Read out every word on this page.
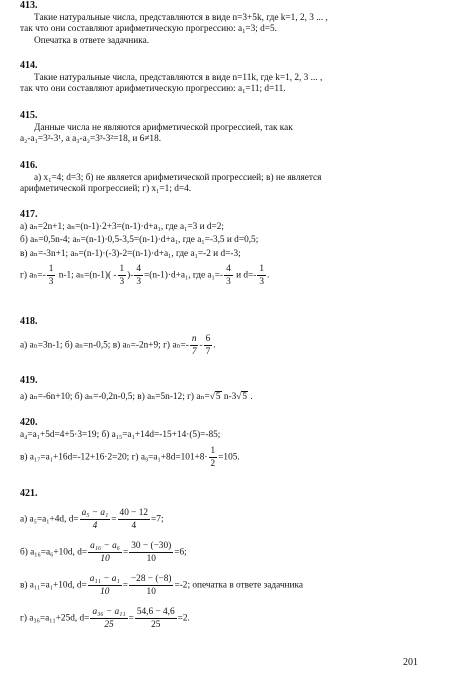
413.
Такие натуральные числа, представляются в виде n=3+5k, где k=1, 2, 3 ... ,
так что они составляют арифметическую прогрессию: $a_1=3$; d=5.
Опечатка в ответе задачника.
414.
Такие натуральные числа, представляются в виде n=11k, где k=1, 2, 3 ... ,
так что они составляют арифметическую прогрессию: $a_1=11$; d=11.
415.
Данные числа не являются арифметической прогрессией, так как
a₂-a₁=3²-3¹, а a₃-a₂=3³-3²=18, и 6≠18.
416.
а) x₁=4; d=3; б) не является арифметической прогрессией; в) не является
арифметической прогрессией; г) x₁=1; d=4.
417.
а) aₙ=2n+1; aₙ=(n-1)·2+3=(n-1)·d+a₁, где a₁=3 и d=2;
б) aₙ=0,5n-4; aₙ=(n-1)·0,5-3,5=(n-1)·d+a₁, где a₁=-3,5 и d=0,5;
в) aₙ=-3n+1; aₙ=(n-1)·(-3)-2=(n-1)·d+a₁, где a₁=-2 и d=-3;
г) $a_n=- \frac{1}{3} n-1$; $a_n=(n-1)( - \frac{1}{3}$ )- $\frac{4}{3} =(n-1)\cdot d+a_1$, где $a_1=- \frac{4}{3}$ и $d=- \frac{1}{3}$ .
418.
а) aₙ=3n-1; б) aₙ=n-0,5; в) aₙ=-2n+9; г) $a_n=- \frac{n}{7} - \frac{6}{7}$ .
419.
а) aₙ=-6n+10; б) aₙ=-0,2n-0,5; в) aₙ=5n-12; г) aₙ=√5 n-3√5 .
420.
a₄=a₁+5d=4+5·3=19; б) a₁₅=a₁+14d=-15+14·(5)=-85;
в) a₁₇=a₁+16d=-12+16·2=20; г) $a_9=a_1+8d=101+8\cdot \frac{1}{2} =105$.
421.
а) a₅=a₁+4d, $d= \frac{\text{a₅ − a₁}}{4} = \frac{40 - 12}{4} =7$;
б) a₁₆=a₆+10d, $d= \frac{\text{a₁₆ − a₆}}{10} = \frac{30 - (-30)}{10} =6$;
в) a₁₁=a₁+10d, $d= \frac{\text{a₁₁ − a₁}}{10} = \frac{-28 - (-8)}{10} =-2$; опечатка в ответе задачника
г) a₃₆=a₁₁+25d, $d= \frac{\text{a₃₆ − a₁₁}}{25} = \frac{54,6 - 4,6}{25} =2$.
201
